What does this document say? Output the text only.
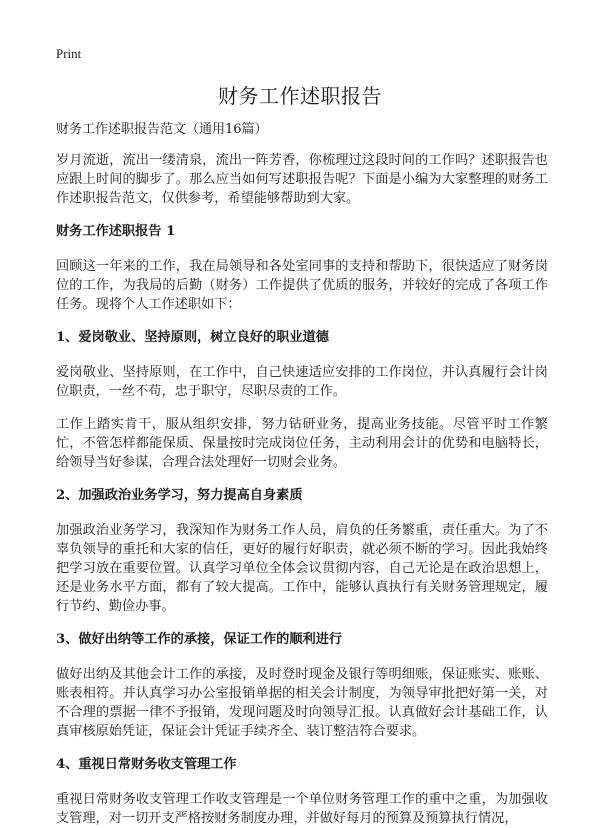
Print
财务工作述职报告

财务工作述职报告范文（通用16篇）

岁月流逝，流出一缕清泉，流出一阵芳香，你梳理过这段时间的工作吗？述职报告也应跟上时间的脚步了。那么应当如何写述职报告呢？下面是小编为大家整理的财务工作述职报告范文，仅供参考，希望能够帮助到大家。

财务工作述职报告 1

回顾这一年来的工作，我在局领导和各处室同事的支持和帮助下，很快适应了财务岗位的工作，为我局的后勤（财务）工作提供了优质的服务，并较好的完成了各项工作任务。现将个人工作述职如下：

1、爱岗敬业、坚持原则，树立良好的职业道德

爱岗敬业、坚持原则，在工作中，自己快速适应安排的工作岗位，并认真履行会计岗位职责，一丝不苟，忠于职守，尽职尽责的工作。

工作上踏实肯干，服从组织安排，努力钻研业务，提高业务技能。尽管平时工作繁忙，不管怎样都能保质、保量按时完成岗位任务，主动利用会计的优势和电脑特长，给领导当好参谋，合理合法处理好一切财会业务。

2、加强政治业务学习，努力提高自身素质

加强政治业务学习，我深知作为财务工作人员，肩负的任务繁重，责任重大。为了不辜负领导的重托和大家的信任，更好的履行好职责，就必须不断的学习。因此我始终把学习放在重要位置。认真学习单位全体会议贯彻内容，自己无论是在政治思想上，还是业务水平方面，都有了较大提高。工作中，能够认真执行有关财务管理规定，履行节约、勤俭办事。

3、做好出纳等工作的承接，保证工作的顺利进行

做好出纳及其他会计工作的承接，及时登时现金及银行等明细账，保证账实、账账、账表相符。并认真学习办公室报销单据的相关会计制度，为领导审批把好第一关，对不合理的票据一律不予报销，发现问题及时向领导汇报。认真做好会计基础工作，认真审核原始凭证，保证会计凭证手续齐全、装订整洁符合要求。

4、重视日常财务收支管理工作

重视日常财务收支管理工作收支管理是一个单位财务管理工作的重中之重，为加强收支管理，对一切开支严格按财务制度办理，并做好每月的预算及预算执行情况，
